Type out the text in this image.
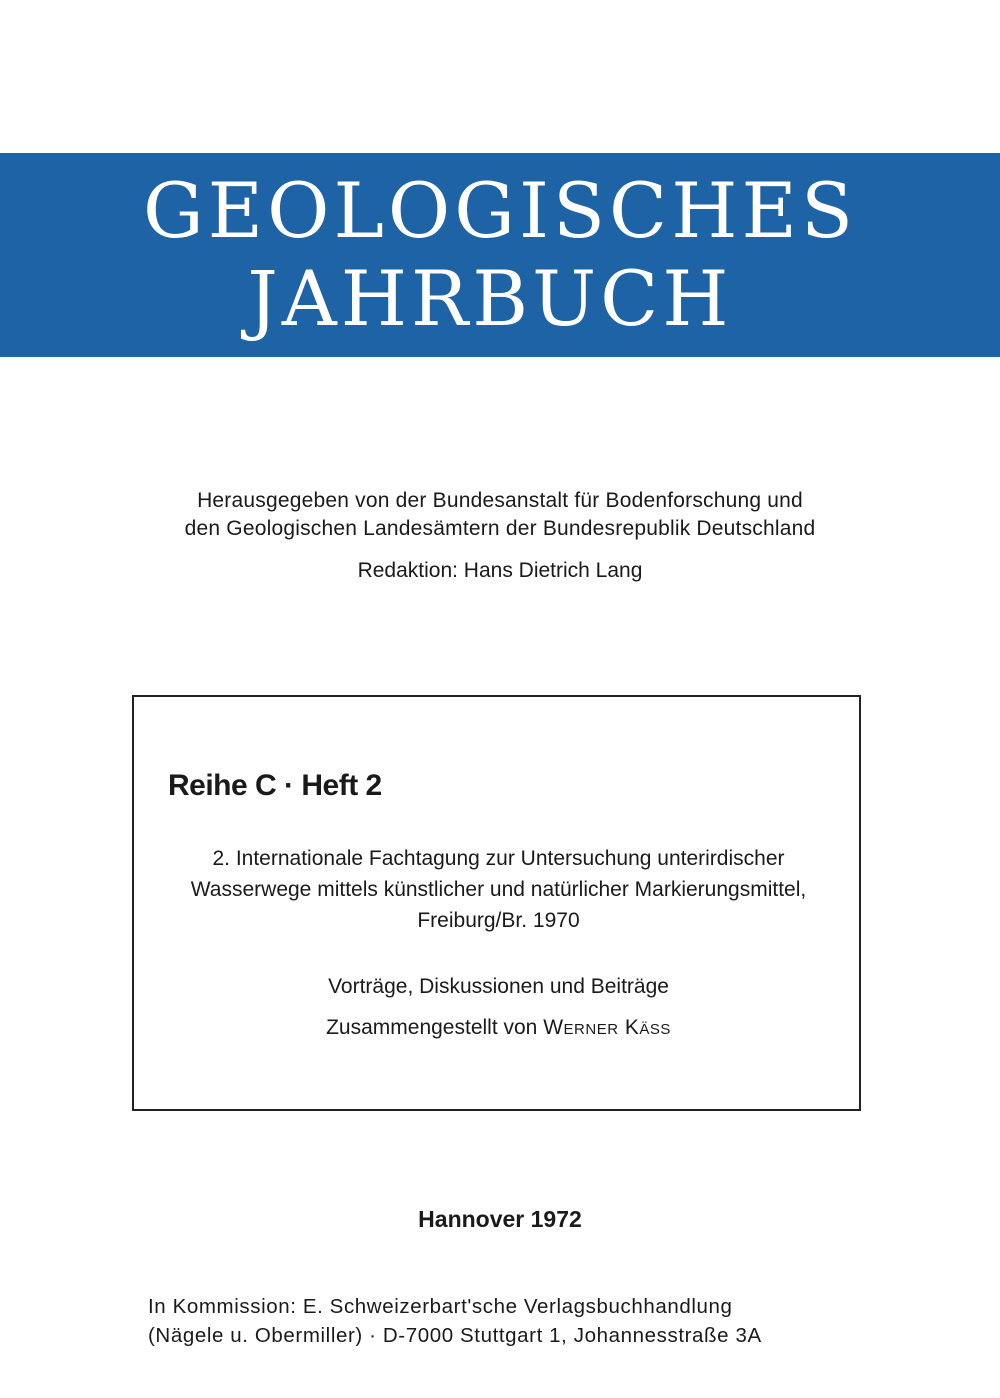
GEOLOGISCHES
JAHRBUCH
Herausgegeben von der Bundesanstalt für Bodenforschung und
den Geologischen Landesämtern der Bundesrepublik Deutschland
Redaktion: Hans Dietrich Lang
Reihe C · Heft 2
2. Internationale Fachtagung zur Untersuchung unterirdischer
Wasserwege mittels künstlicher und natürlicher Markierungsmittel,
Freiburg/Br. 1970
Vorträge, Diskussionen und Beiträge
Zusammengestellt von Werner Käss
Hannover 1972
In Kommission: E. Schweizerbart'sche Verlagsbuchhandlung
(Nägele u. Obermiller) · D-7000 Stuttgart 1, Johannesstraße 3A
